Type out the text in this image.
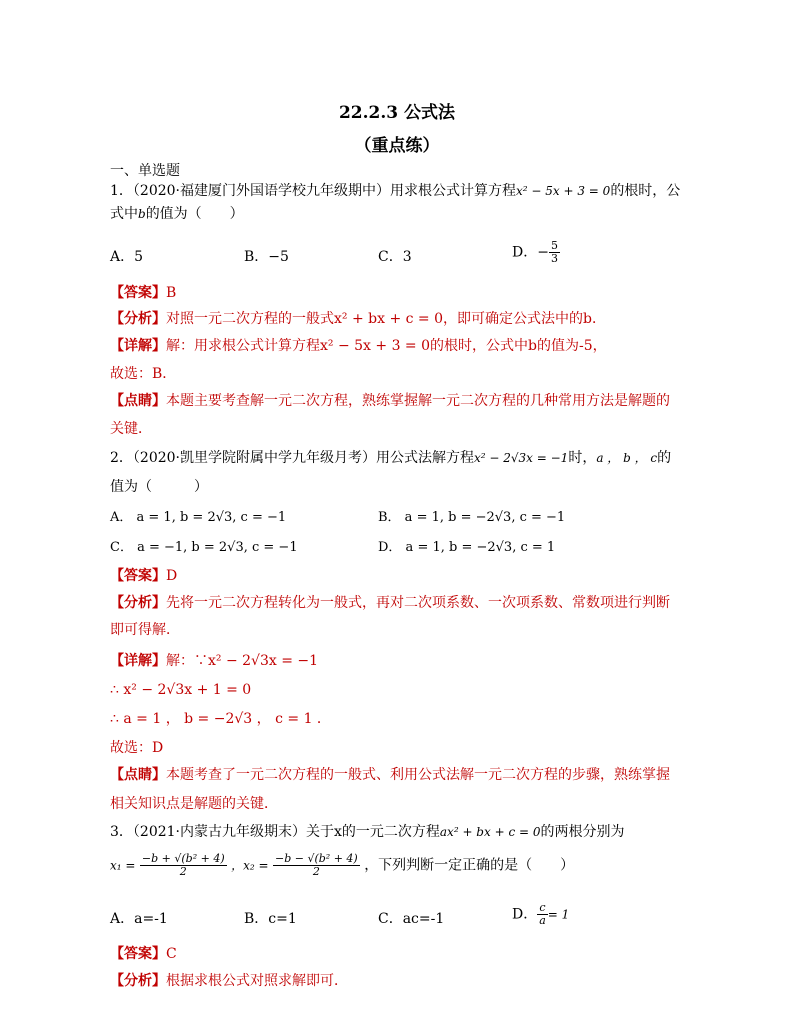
22.2.3 公式法
（重点练）
一、单选题
1．（2020·福建厦门外国语学校九年级期中）用求根公式计算方程x² − 5x + 3 = 0的根时，公
式中b的值为（　　）
A．5	B．−5	C．3	D．− $\frac{5}{3}$
【答案】B
【分析】对照一元二次方程的一般式x² + bx + c = 0，即可确定公式法中的b．
【详解】解：用求根公式计算方程x² − 5x + 3 = 0的根时，公式中b的值为-5，
故选：B．
【点睛】本题主要考查解一元二次方程，熟练掌握解一元二次方程的几种常用方法是解题的
关键．
2．（2020·凯里学院附属中学九年级月考）用公式法解方程x² − 2√3x = −1时，a ， b ， c的
值为（　　　）
A． a = 1, b = 2√3, c = −1	B． a = 1, b = −2√3, c = −1
C． a = −1, b = 2√3, c = −1	D． a = 1, b = −2√3, c = 1
【答案】D
【分析】先将一元二次方程转化为一般式，再对二次项系数、一次项系数、常数项进行判断
即可得解．
【详解】解：∵x² − 2√3x = −1
∴ x² − 2√3x + 1 = 0
∴ a = 1 ， b = −2√3 ， c = 1 ．
故选：D
【点睛】本题考查了一元二次方程的一般式、利用公式法解一元二次方程的步骤，熟练掌握
相关知识点是解题的关键．
3．（2021·内蒙古九年级期末）关于x的一元二次方程ax² + bx + c = 0的两根分别为
$x_1 = \frac{\text{−b + √(b² + 4)}}{2}$ ，$x_2 = \frac{\text{−b − √(b² + 4)}}{2}$ ，下列判断一定正确的是（　　）
A．a=-1	B．c=1	C．ac=-1	D． $\frac{c}{a} = 1$
【答案】C
【分析】根据求根公式对照求解即可．
